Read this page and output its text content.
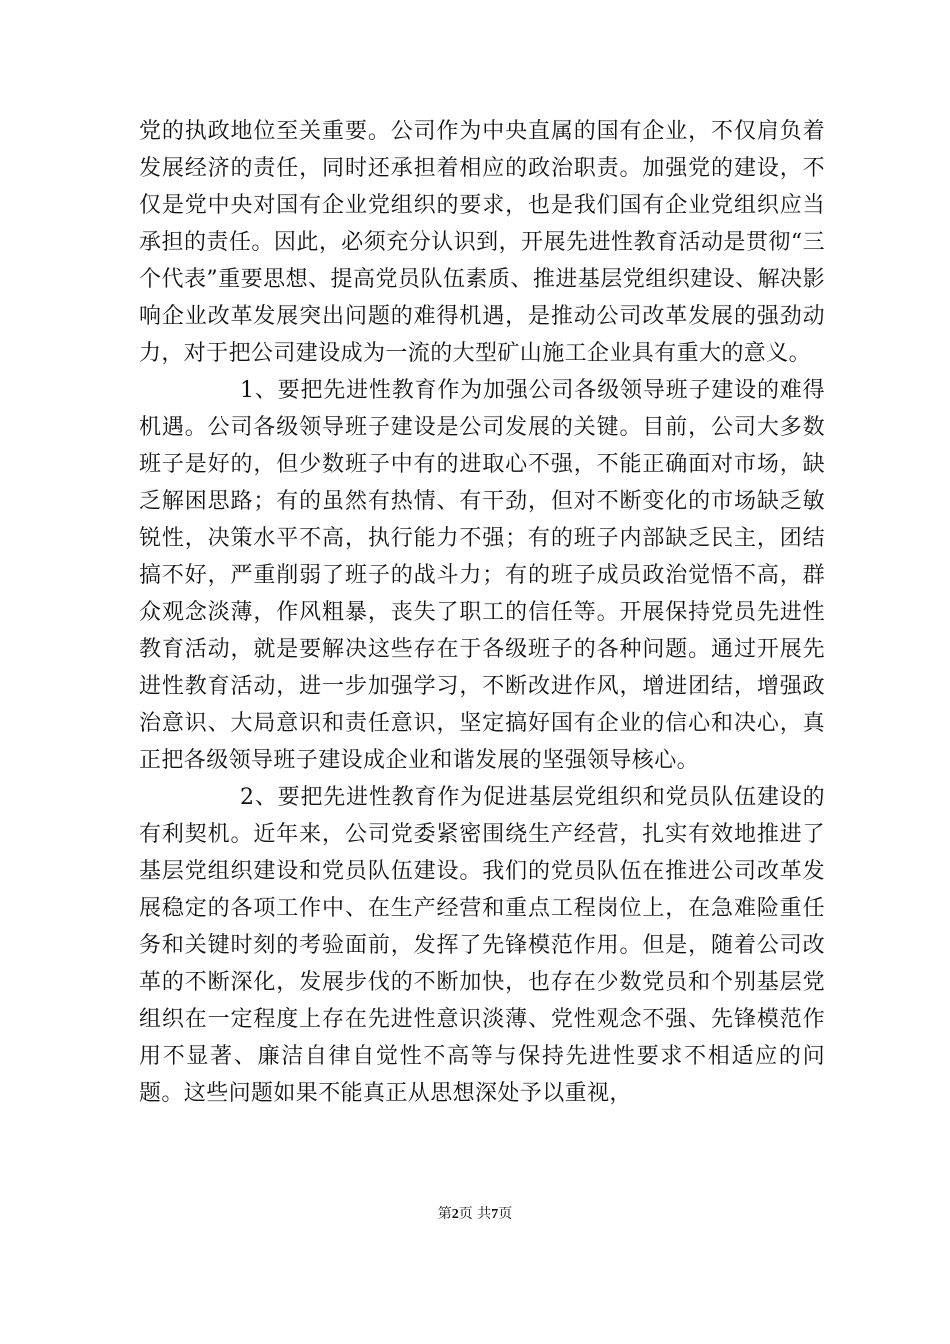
党的执政地位至关重要。公司作为中央直属的国有企业，不仅肩负着发展经济的责任，同时还承担着相应的政治职责。加强党的建设，不仅是党中央对国有企业党组织的要求，也是我们国有企业党组织应当承担的责任。因此，必须充分认识到，开展先进性教育活动是贯彻“三个代表”重要思想、提高党员队伍素质、推进基层党组织建设、解决影响企业改革发展突出问题的难得机遇，是推动公司改革发展的强劲动力，对于把公司建设成为一流的大型矿山施工企业具有重大的意义。

1、要把先进性教育作为加强公司各级领导班子建设的难得机遇。公司各级领导班子建设是公司发展的关键。目前，公司大多数班子是好的，但少数班子中有的进取心不强，不能正确面对市场，缺乏解困思路；有的虽然有热情、有干劲，但对不断变化的市场缺乏敏锐性，决策水平不高，执行能力不强；有的班子内部缺乏民主，团结搞不好，严重削弱了班子的战斗力；有的班子成员政治觉悟不高，群众观念淡薄，作风粗暴，丧失了职工的信任等。开展保持党员先进性教育活动，就是要解决这些存在于各级班子的各种问题。通过开展先进性教育活动，进一步加强学习，不断改进作风，增进团结，增强政治意识、大局意识和责任意识，坚定搞好国有企业的信心和决心，真正把各级领导班子建设成企业和谐发展的坚强领导核心。

2、要把先进性教育作为促进基层党组织和党员队伍建设的有利契机。近年来，公司党委紧密围绕生产经营，扎实有效地推进了基层党组织建设和党员队伍建设。我们的党员队伍在推进公司改革发展稳定的各项工作中、在生产经营和重点工程岗位上，在急难险重任务和关键时刻的考验面前，发挥了先锋模范作用。但是，随着公司改革的不断深化，发展步伐的不断加快，也存在少数党员和个别基层党组织在一定程度上存在先进性意识淡薄、党性观念不强、先锋模范作用不显著、廉洁自律自觉性不高等与保持先进性要求不相适应的问题。这些问题如果不能真正从思想深处予以重视，

第2页 共7页
